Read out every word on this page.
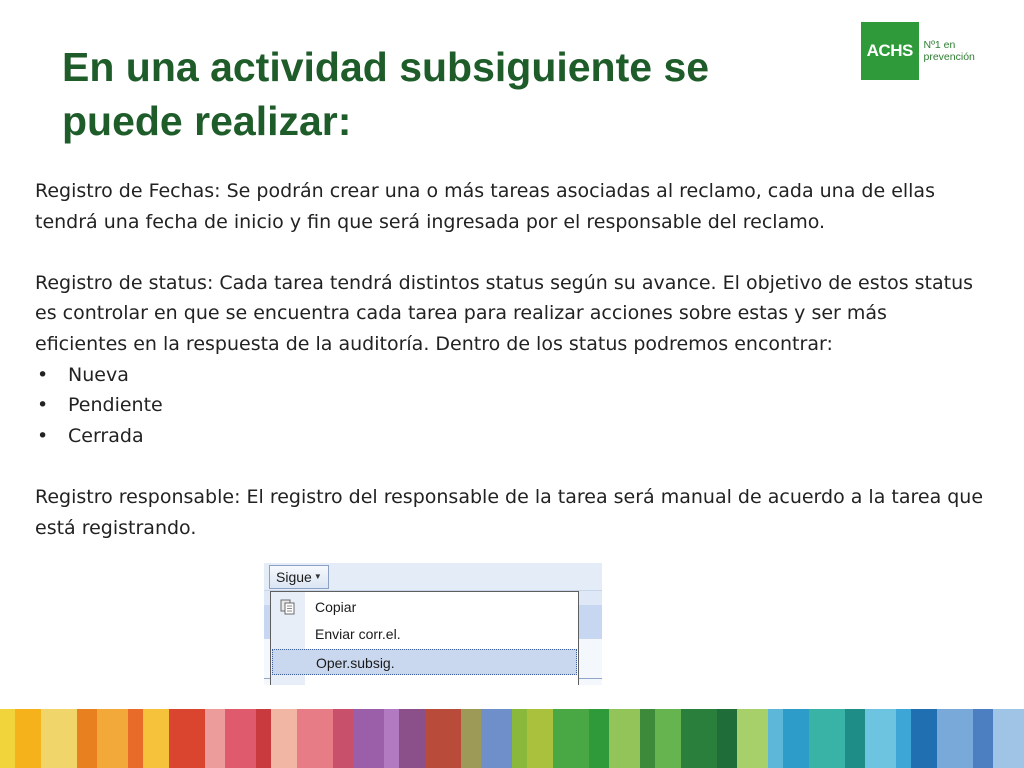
En una actividad subsiguiente se puede realizar:
ACHS	Nº1 en prevención

Registro de Fechas: Se podrán crear una o más tareas asociadas al reclamo, cada una de ellas tendrá una fecha de inicio y fin que será ingresada por el responsable del reclamo.

Registro de status: Cada tarea tendrá distintos status según su avance. El objetivo de estos status es controlar en que se encuentra cada tarea para realizar acciones sobre estas y ser más eficientes en la respuesta de la auditoría. Dentro de los status podremos encontrar:

• Nueva
• Pendiente
• Cerrada

Registro responsable: El registro del responsable de la tarea será manual de acuerdo a la tarea que está registrando.

Sigue ▼
Copiar
Enviar corr.el.
Oper.subsig.
